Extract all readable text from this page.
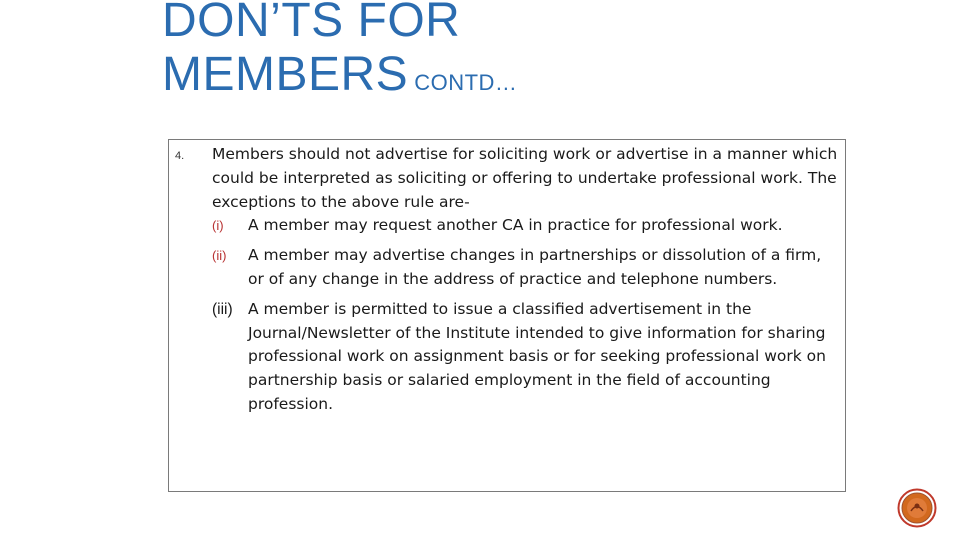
DON’TS FOR
MEMBERS CONTD…
4. Members should not advertise for soliciting work or advertise in a manner which could be interpreted as soliciting or offering to undertake professional work. The exceptions to the above rule are-

(i)	A member may request another CA in practice for professional work.
(ii)	A member may advertise changes in partnerships or dissolution of a firm, or of any change in the address of practice and telephone numbers.
(iii) A member is permitted to issue a classified advertisement in the Journal/Newsletter of the Institute intended to give information for sharing professional work on assignment basis or for seeking professional work on partnership basis or salaried employment in the field of accounting profession.
